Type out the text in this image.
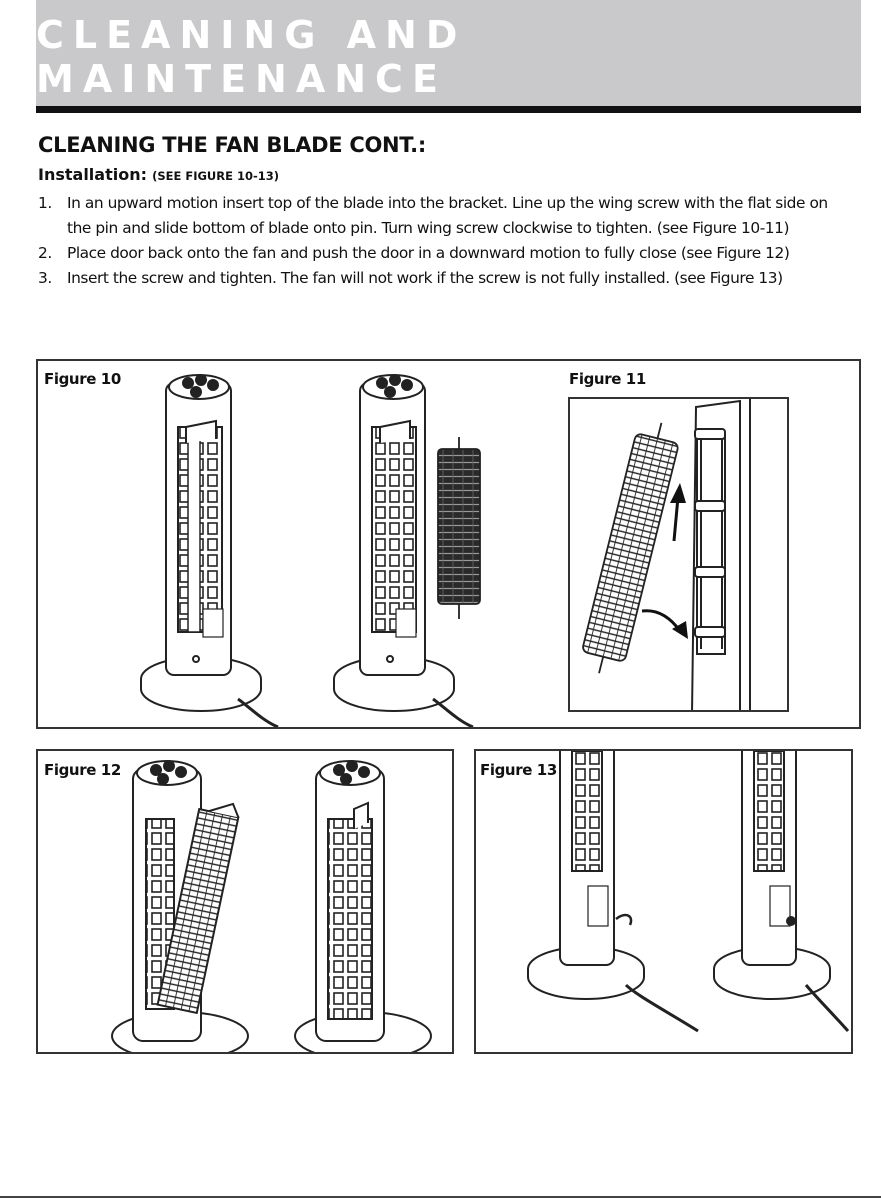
CLEANING AND MAINTENANCE
CLEANING THE FAN BLADE CONT.:
Installation: (SEE FIGURE 10-13)
1. In an upward motion insert top of the blade into the bracket. Line up the wing screw with the flat side on the pin and slide bottom of blade onto pin. Turn wing screw clockwise to tighten. (see Figure 10-11)
2. Place door back onto the fan and push the door in a downward motion to fully close (see Figure 12)
3. Insert the screw and tighten. The fan will not work if the screw is not fully installed. (see Figure 13)
Figure 10	Figure 11
Figure 12	Figure 13
